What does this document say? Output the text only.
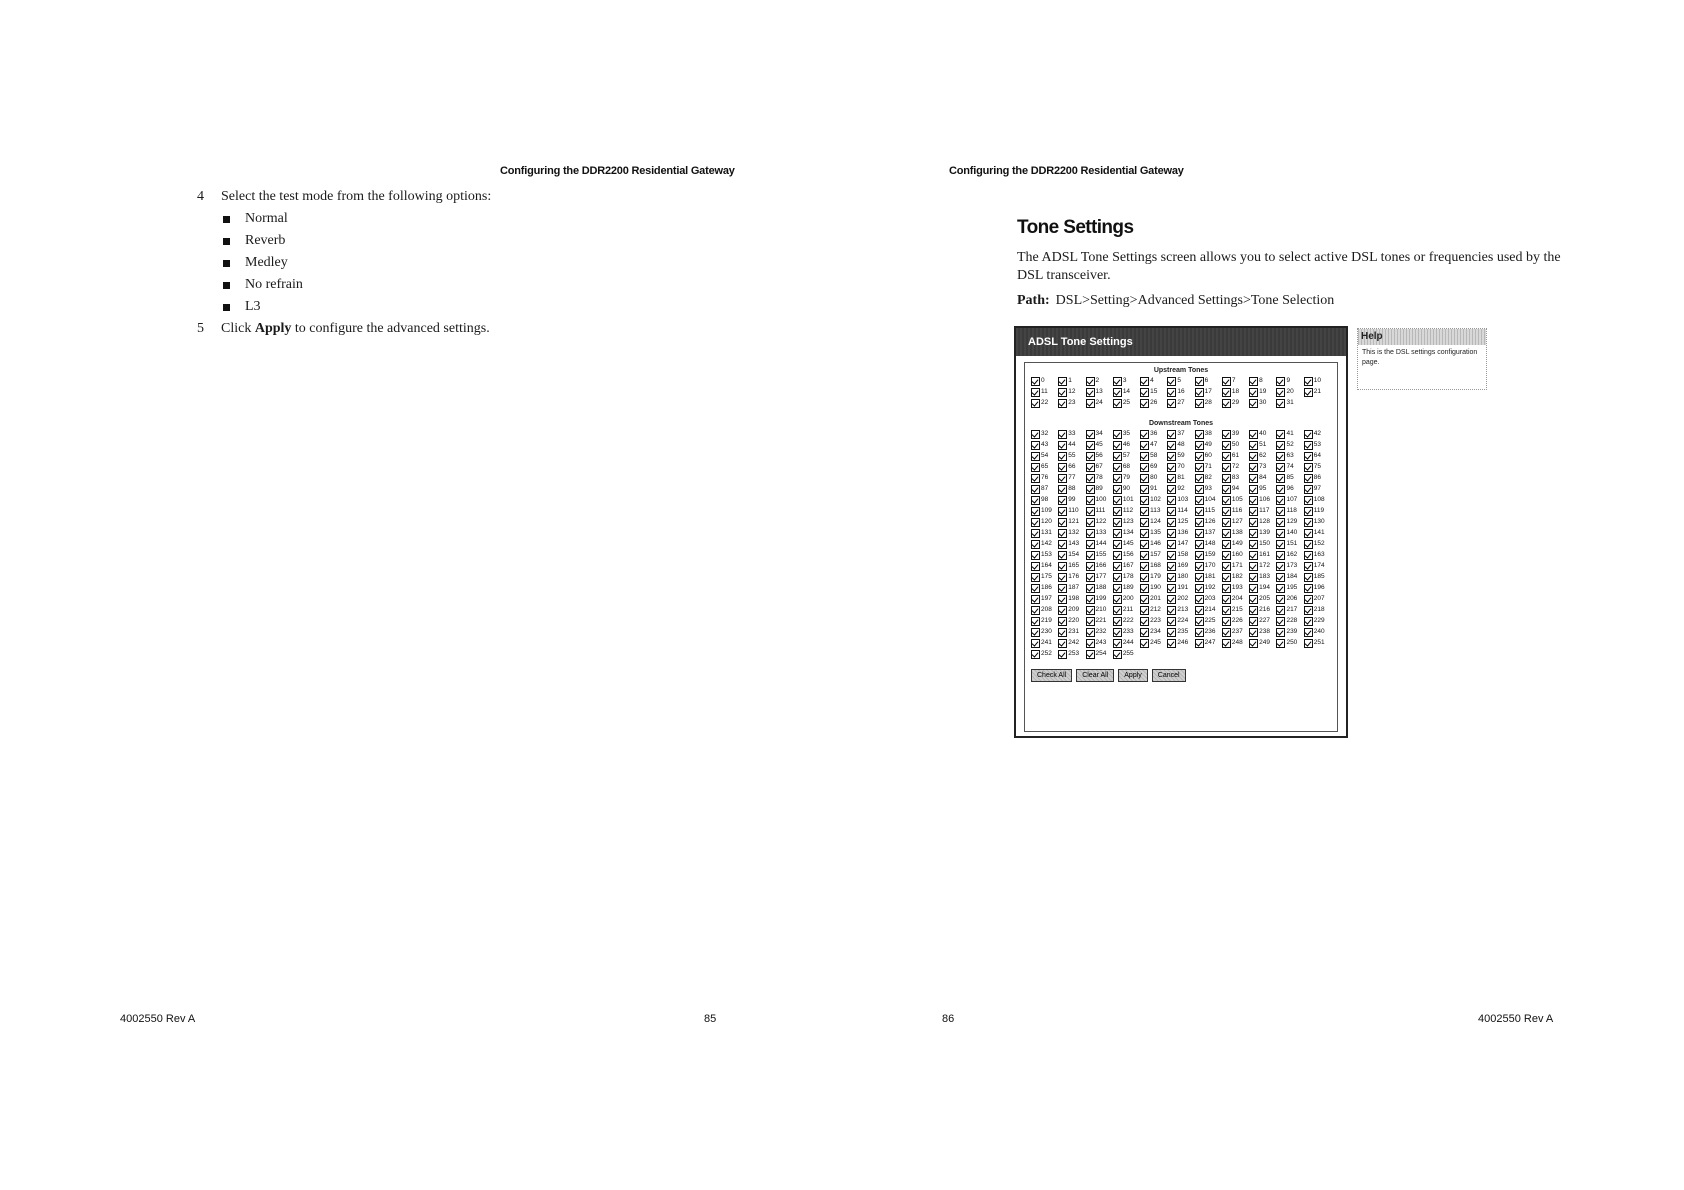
Configuring the DDR2200 Residential Gateway
4 Select the test mode from the following options:
Normal
Reverb
Medley
No refrain
L3
5 Click Apply to configure the advanced settings.
4002550 Rev A	85
Configuring the DDR2200 Residential Gateway
Tone Settings

The ADSL Tone Settings screen allows you to select active DSL tones or frequencies used by the DSL transceiver.

Path: DSL>Setting>Advanced Settings>Tone Selection

ADSL Tone Settings
Upstream Tones
0	1	2	3	4	5	6	7	8	9	10
11	12	13	14	15	16	17	18	19	20	21
22	23	24	25	26	27	28	29	30	31
Downstream Tones
32	33	34	35	36	37	38	39	40	41	42
43	44	45	46	47	48	49	50	51	52	53
54	55	56	57	58	59	60	61	62	63	64
65	66	67	68	69	70	71	72	73	74	75
76	77	78	79	80	81	82	83	84	85	86
87	88	89	90	91	92	93	94	95	96	97
98	99	100	101	102	103	104	105	106	107	108
109	110	111	112	113	114	115	116	117	118	119
120	121	122	123	124	125	126	127	128	129	130
131	132	133	134	135	136	137	138	139	140	141
142	143	144	145	146	147	148	149	150	151	152
153	154	155	156	157	158	159	160	161	162	163
164	165	166	167	168	169	170	171	172	173	174
175	176	177	178	179	180	181	182	183	184	185
186	187	188	189	190	191	192	193	194	195	196
197	198	199	200	201	202	203	204	205	206	207
208	209	210	211	212	213	214	215	216	217	218
219	220	221	222	223	224	225	226	227	228	229
230	231	232	233	234	235	236	237	238	239	240
241	242	243	244	245	246	247	248	249	250	251
252	253	254	255
Check All	Clear All	Apply	Cancel
Help
This is the DSL settings configuration page.
86	4002550 Rev A
